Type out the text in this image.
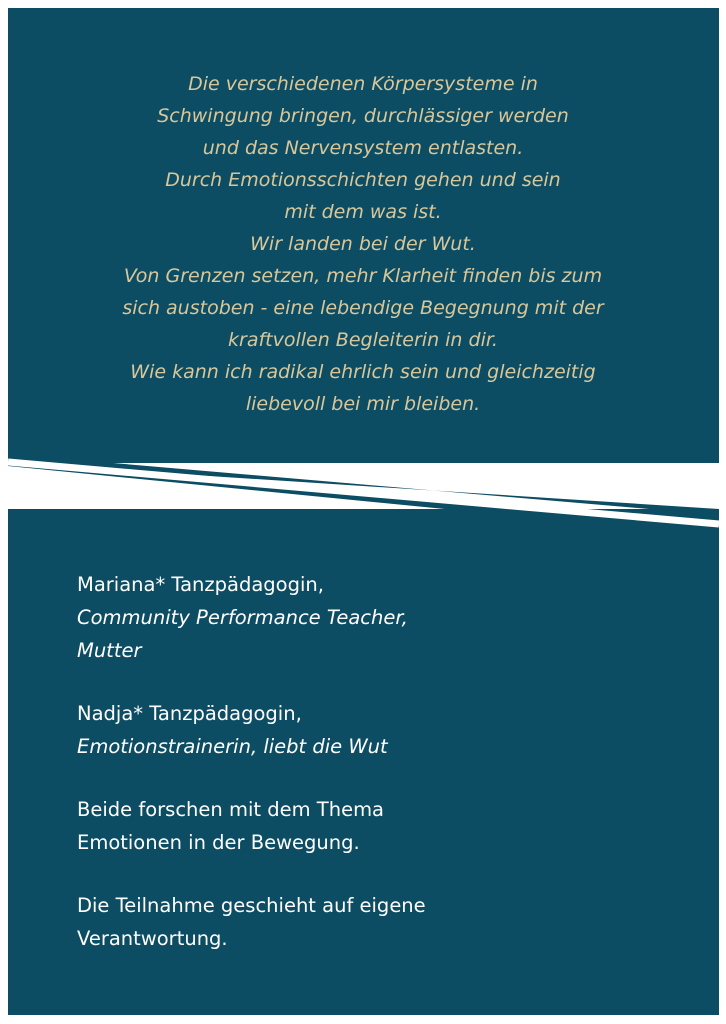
Die verschiedenen Körpersysteme in
Schwingung bringen, durchlässiger werden
und das Nervensystem entlasten.
Durch Emotionsschichten gehen und sein
mit dem was ist.
Wir landen bei der Wut.
Von Grenzen setzen, mehr Klarheit finden bis zum
sich austoben - eine lebendige Begegnung mit der
kraftvollen Begleiterin in dir.
Wie kann ich radikal ehrlich sein und gleichzeitig
liebevoll bei mir bleiben.
Mariana* Tanzpädagogin,
Community Performance Teacher,
Mutter
Nadja* Tanzpädagogin,
Emotionstrainerin, liebt die Wut
Beide forschen mit dem Thema
Emotionen in der Bewegung.
Die Teilnahme geschieht auf eigene
Verantwortung.
